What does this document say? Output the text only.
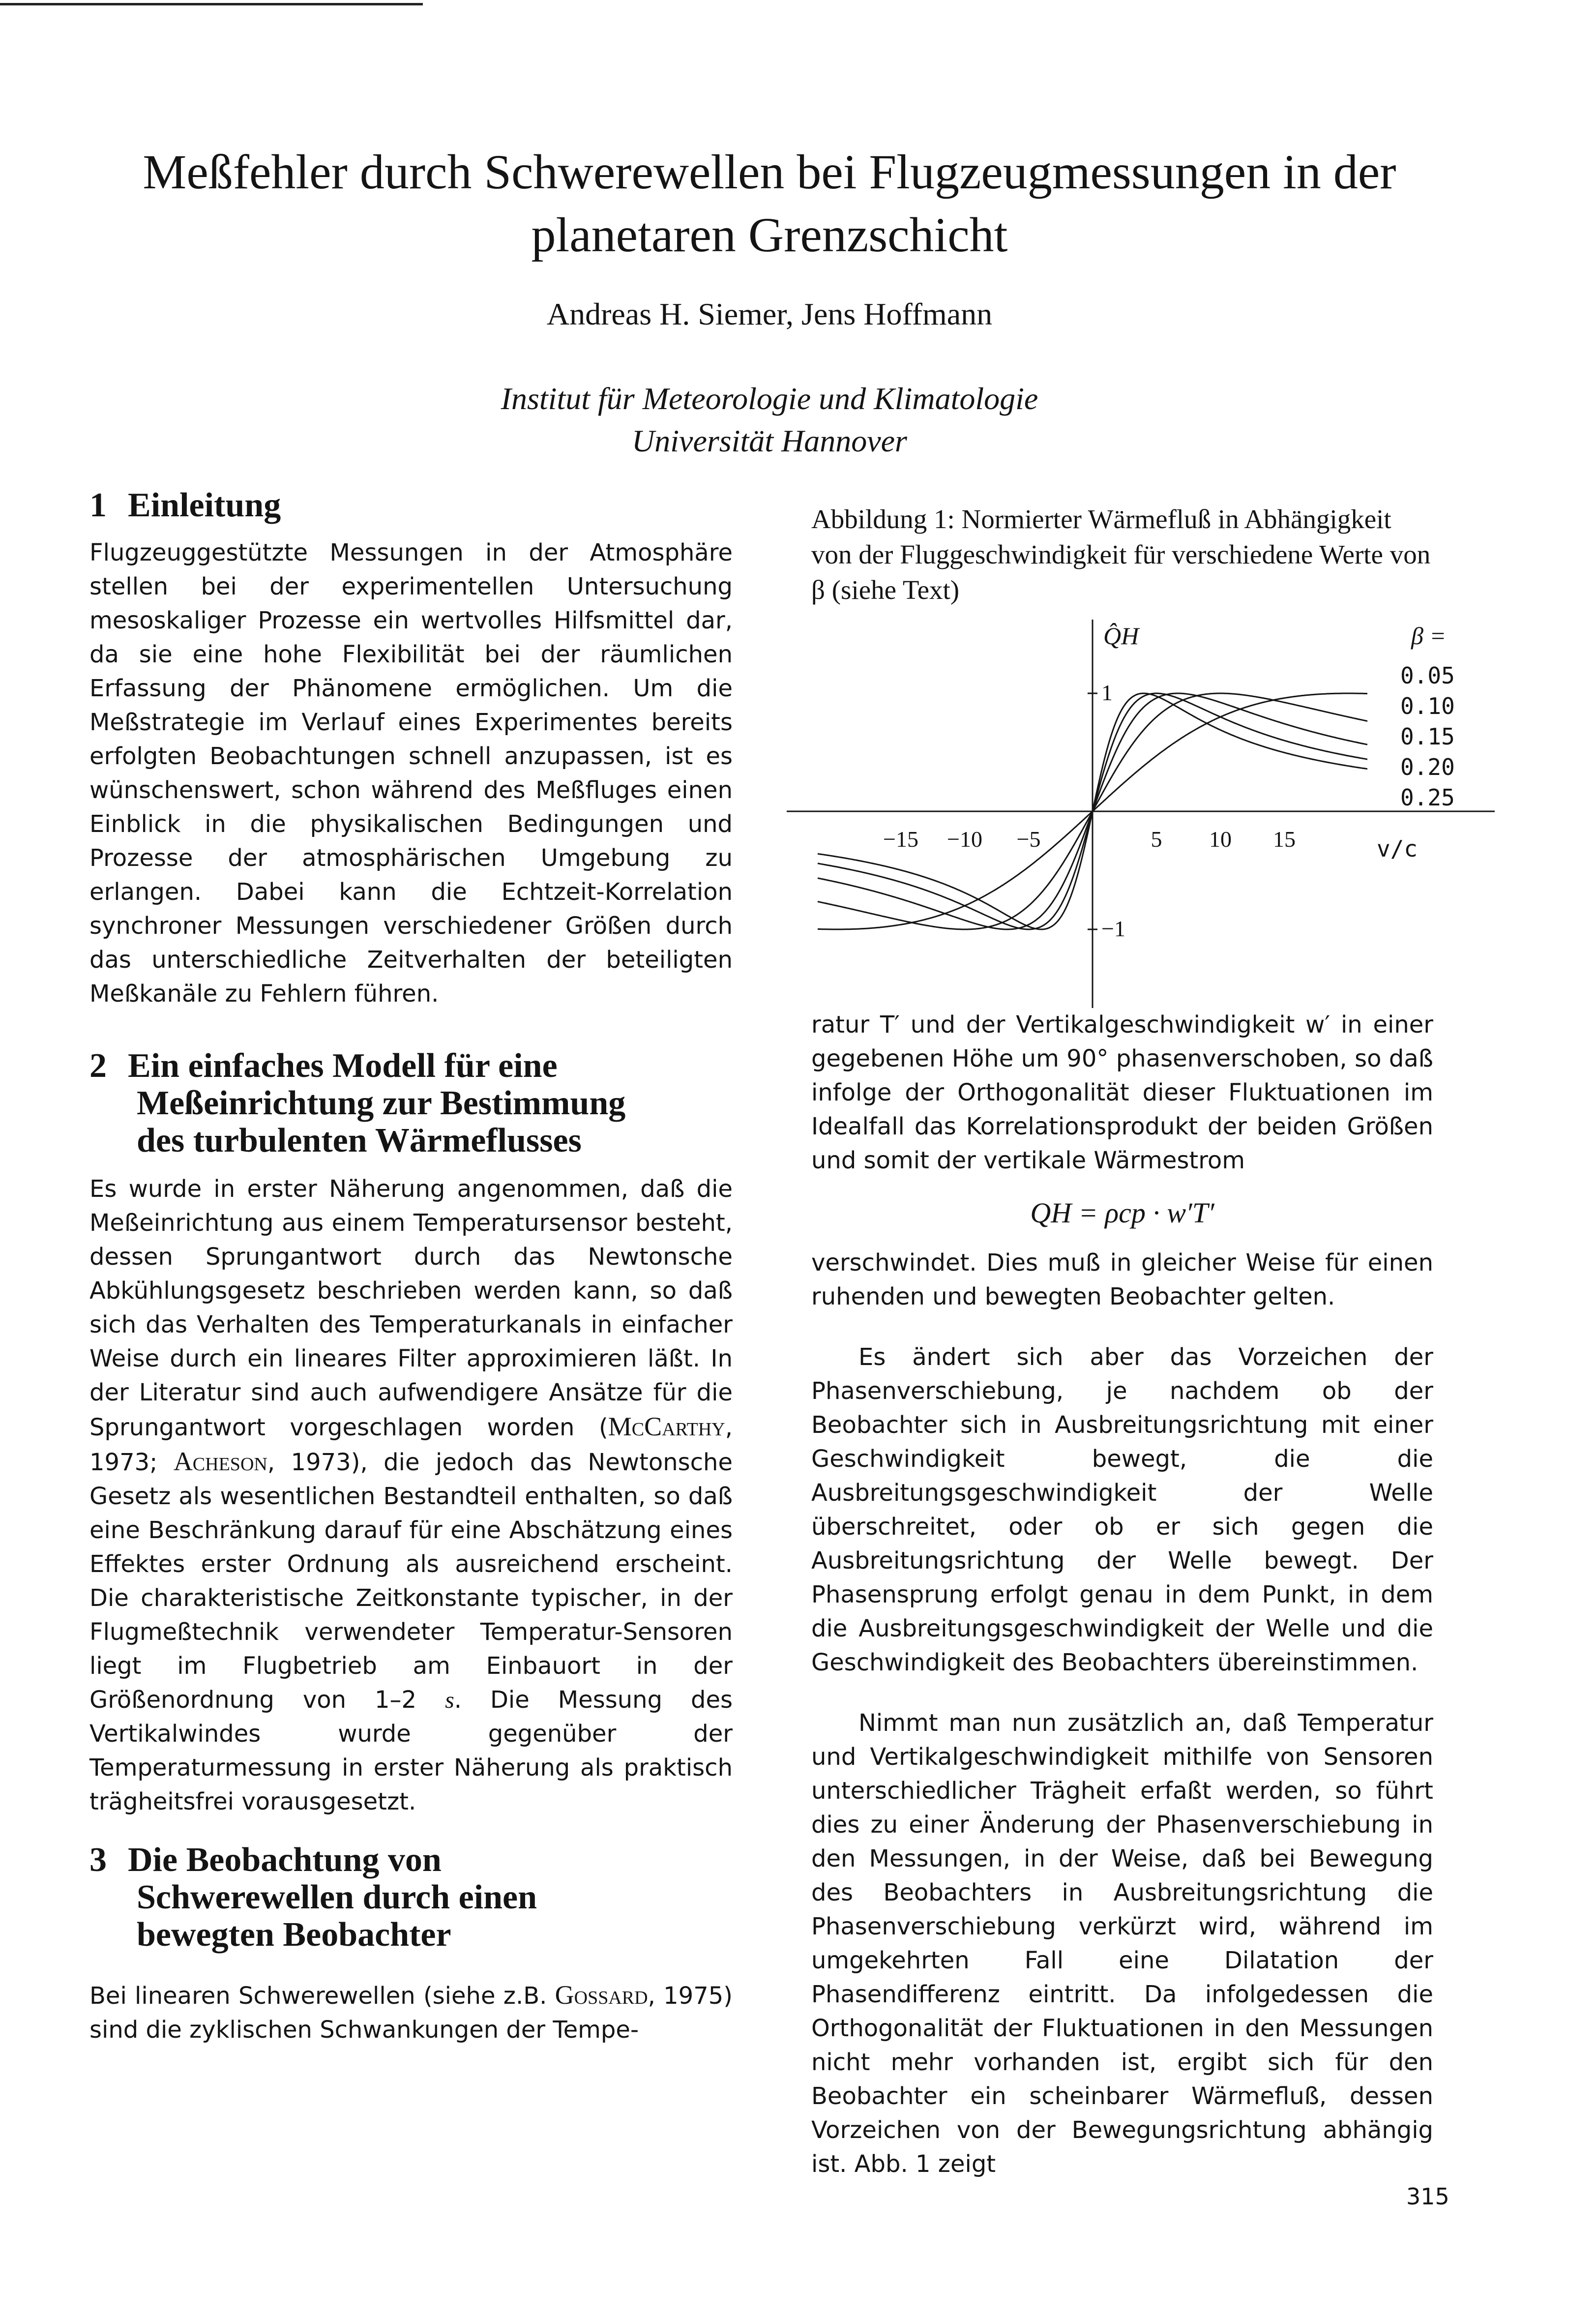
Meßfehler durch Schwerewellen bei Flugzeugmessungen in der planetaren Grenzschicht
Andreas H. Siemer, Jens Hoffmann
Institut für Meteorologie und Klimatologie
Universität Hannover
1 Einleitung

Flugzeuggestützte Messungen in der Atmosphäre stellen bei der experimentellen Untersuchung mesoskaliger Prozesse ein wertvolles Hilfsmittel dar, da sie eine hohe Flexibilität bei der räumlichen Erfassung der Phänomene ermöglichen. Um die Meßstrategie im Verlauf eines Experimentes bereits erfolgten Beobachtungen schnell anzupassen, ist es wünschenswert, schon während des Meßfluges einen Einblick in die physikalischen Bedingungen und Prozesse der atmosphärischen Umgebung zu erlangen. Dabei kann die Echtzeit-Korrelation synchroner Messungen verschiedener Größen durch das unterschiedliche Zeitverhalten der beteiligten Meßkanäle zu Fehlern führen.

2 Ein einfaches Modell für eine
Meßeinrichtung zur Bestimmung
des turbulenten Wärmeflusses

Es wurde in erster Näherung angenommen, daß die Meßeinrichtung aus einem Temperatursensor besteht, dessen Sprungantwort durch das Newtonsche Abkühlungsgesetz beschrieben werden kann, so daß sich das Verhalten des Temperaturkanals in einfacher Weise durch ein lineares Filter approximieren läßt. In der Literatur sind auch aufwendigere Ansätze für die Sprungantwort vorgeschlagen worden (McCarthy, 1973; Acheson, 1973), die jedoch das Newtonsche Gesetz als wesentlichen Bestandteil enthalten, so daß eine Beschränkung darauf für eine Abschätzung eines Effektes erster Ordnung als ausreichend erscheint. Die charakteristische Zeitkonstante typischer, in der Flugmeßtechnik verwendeter Temperatur-Sensoren liegt im Flugbetrieb am Einbauort in der Größenordnung von 1–2 s. Die Messung des Vertikalwindes wurde gegenüber der Temperaturmessung in erster Näherung als praktisch trägheitsfrei vorausgesetzt.

3 Die Beobachtung von
Schwerewellen durch einen
bewegten Beobachter

Bei linearen Schwerewellen (siehe z.B. Gossard, 1975) sind die zyklischen Schwankungen der Tempe-

Abbildung 1: Normierter Wärmefluß in Abhängigkeit von der Fluggeschwindigkeit für verschiedene Werte von β (siehe Text)

−15 −10 −5	5 10 15
1
−1
Q̂H
v/c
β =
0.05
0.10
0.15
0.20
0.25

ratur T′ und der Vertikalgeschwindigkeit w′ in einer gegebenen Höhe um 90° phasenverschoben, so daß infolge der Orthogonalität dieser Fluktuationen im Idealfall das Korrelationsprodukt der beiden Größen und somit der vertikale Wärmestrom

QH = ρcp · w′T′

verschwindet. Dies muß in gleicher Weise für einen ruhenden und bewegten Beobachter gelten.

Es ändert sich aber das Vorzeichen der Phasenverschiebung, je nachdem ob der Beobachter sich in Ausbreitungsrichtung mit einer Geschwindigkeit bewegt, die die Ausbreitungsgeschwindigkeit der Welle überschreitet, oder ob er sich gegen die Ausbreitungsrichtung der Welle bewegt. Der Phasensprung erfolgt genau in dem Punkt, in dem die Ausbreitungsgeschwindigkeit der Welle und die Geschwindigkeit des Beobachters übereinstimmen.

Nimmt man nun zusätzlich an, daß Temperatur und Vertikalgeschwindigkeit mithilfe von Sensoren unterschiedlicher Trägheit erfaßt werden, so führt dies zu einer Änderung der Phasenverschiebung in den Messungen, in der Weise, daß bei Bewegung des Beobachters in Ausbreitungsrichtung die Phasenverschiebung verkürzt wird, während im umgekehrten Fall eine Dilatation der Phasendifferenz eintritt. Da infolgedessen die Orthogonalität der Fluktuationen in den Messungen nicht mehr vorhanden ist, ergibt sich für den Beobachter ein scheinbarer Wärmefluß, dessen Vorzeichen von der Bewegungsrichtung abhängig ist. Abb. 1 zeigt

315
